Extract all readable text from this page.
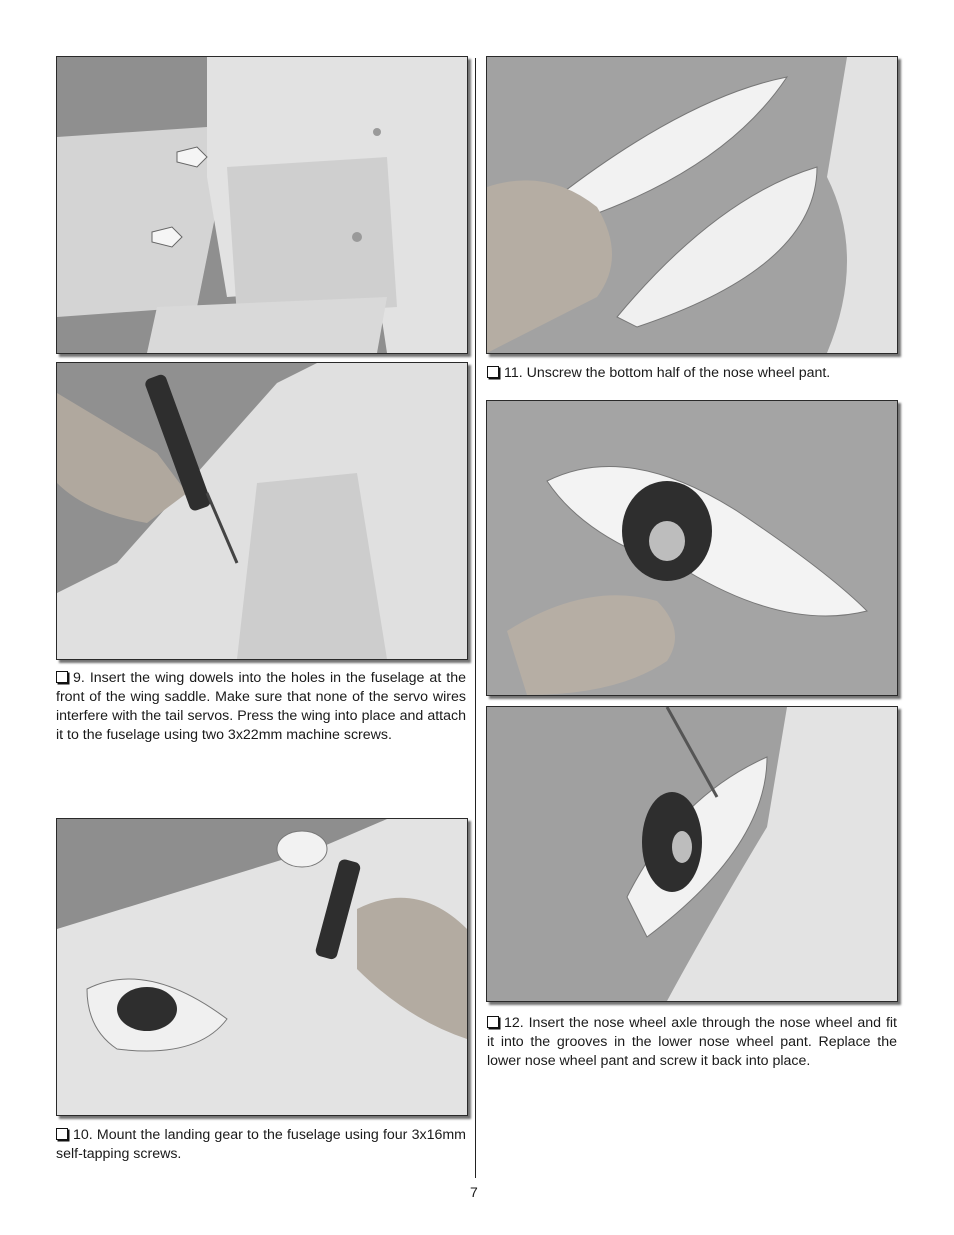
9. Insert the wing dowels into the holes in the fuselage at the front of the wing saddle. Make sure that none of the servo wires interfere with the tail servos. Press the wing into place and attach it to the fuselage using two 3x22mm machine screws.

10. Mount the landing gear to the fuselage using four 3x16mm self-tapping screws.

11. Unscrew the bottom half of the nose wheel pant.

12. Insert the nose wheel axle through the nose wheel and fit it into the grooves in the lower nose wheel pant. Replace the lower nose wheel pant and screw it back into place.

7
